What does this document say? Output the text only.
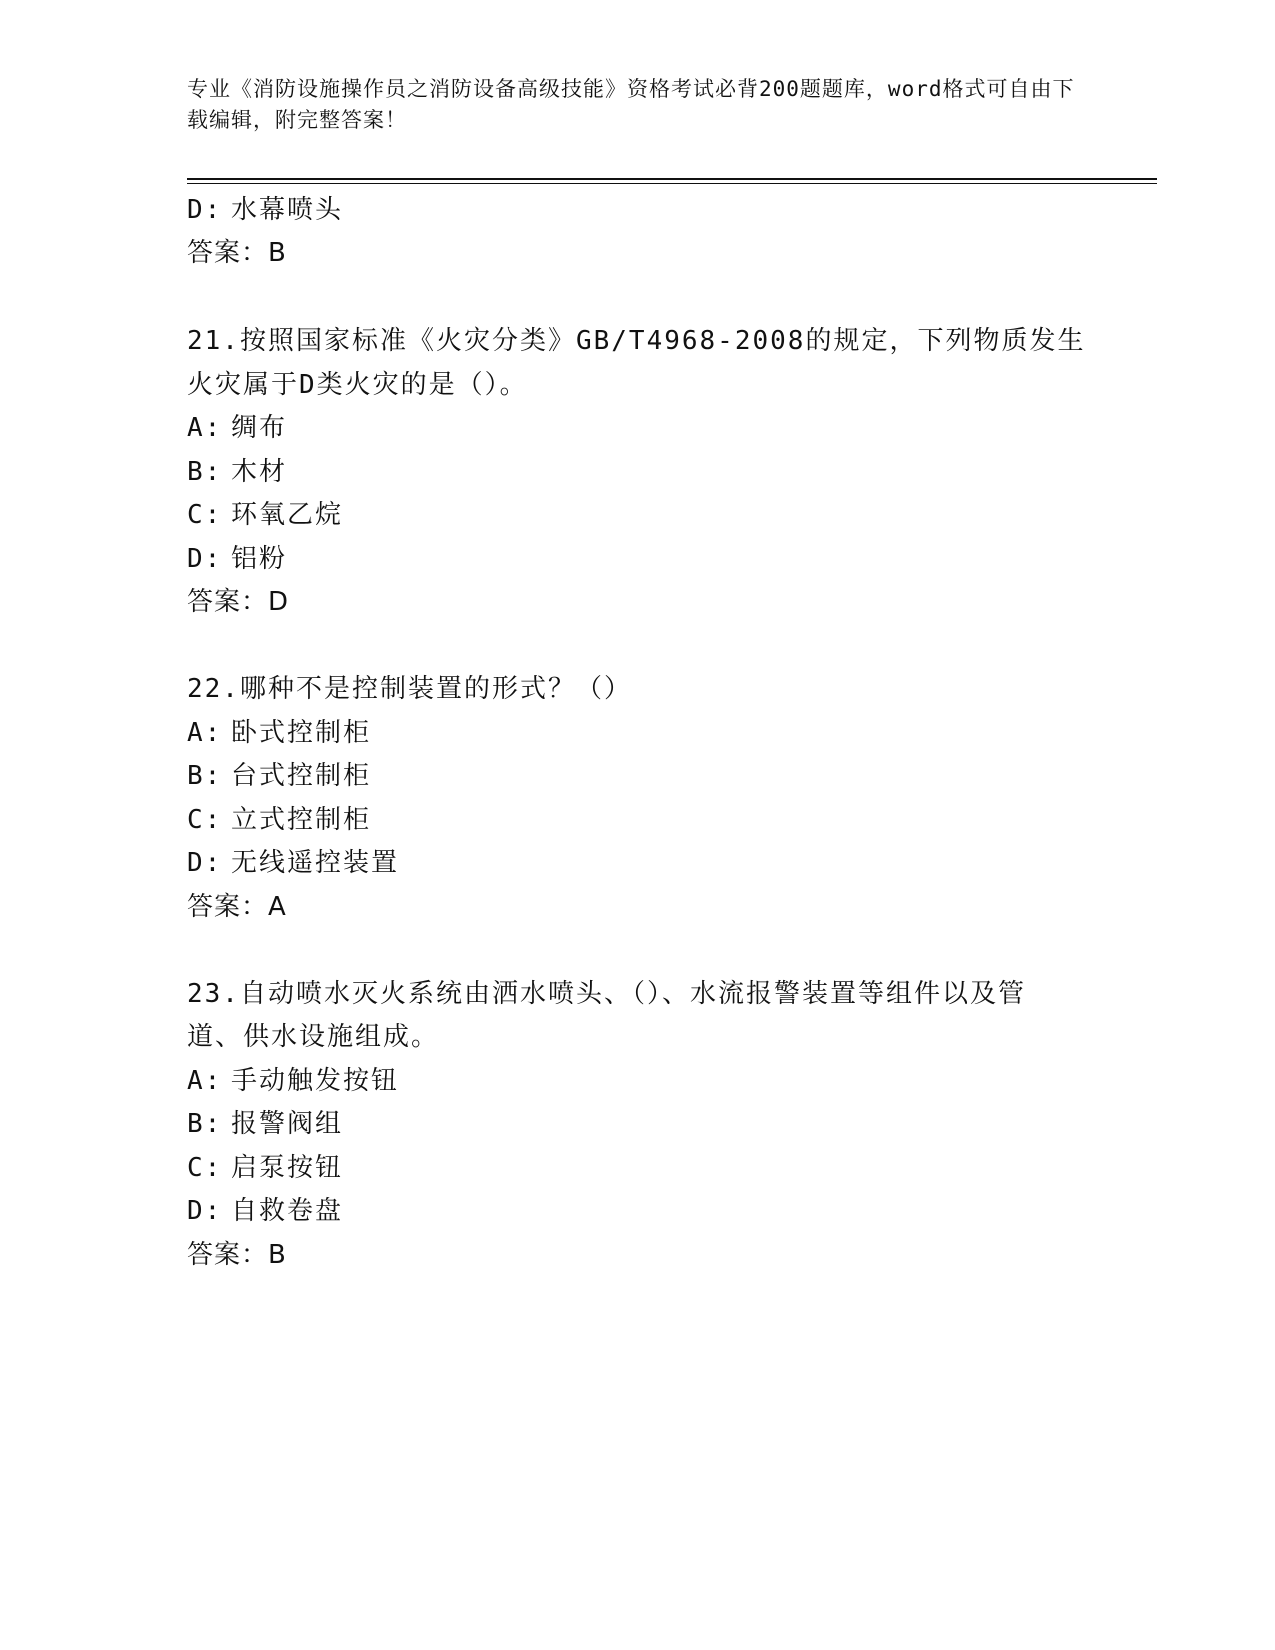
专业《消防设施操作员之消防设备高级技能》资格考试必背200题题库，word格式可自由下载编辑，附完整答案！
D: 水幕喷头
答案：B
21.按照国家标准《火灾分类》GB/T4968-2008的规定，下列物质发生
火灾属于D类火灾的是（）。
A: 绸布
B: 木材
C: 环氧乙烷
D: 铝粉
答案：D
22.哪种不是控制装置的形式？（）
A: 卧式控制柜
B: 台式控制柜
C: 立式控制柜
D: 无线遥控装置
答案：A
23.自动喷水灭火系统由洒水喷头、（）、水流报警装置等组件以及管
道、供水设施组成。
A: 手动触发按钮
B: 报警阀组
C: 启泵按钮
D: 自救卷盘
答案：B
